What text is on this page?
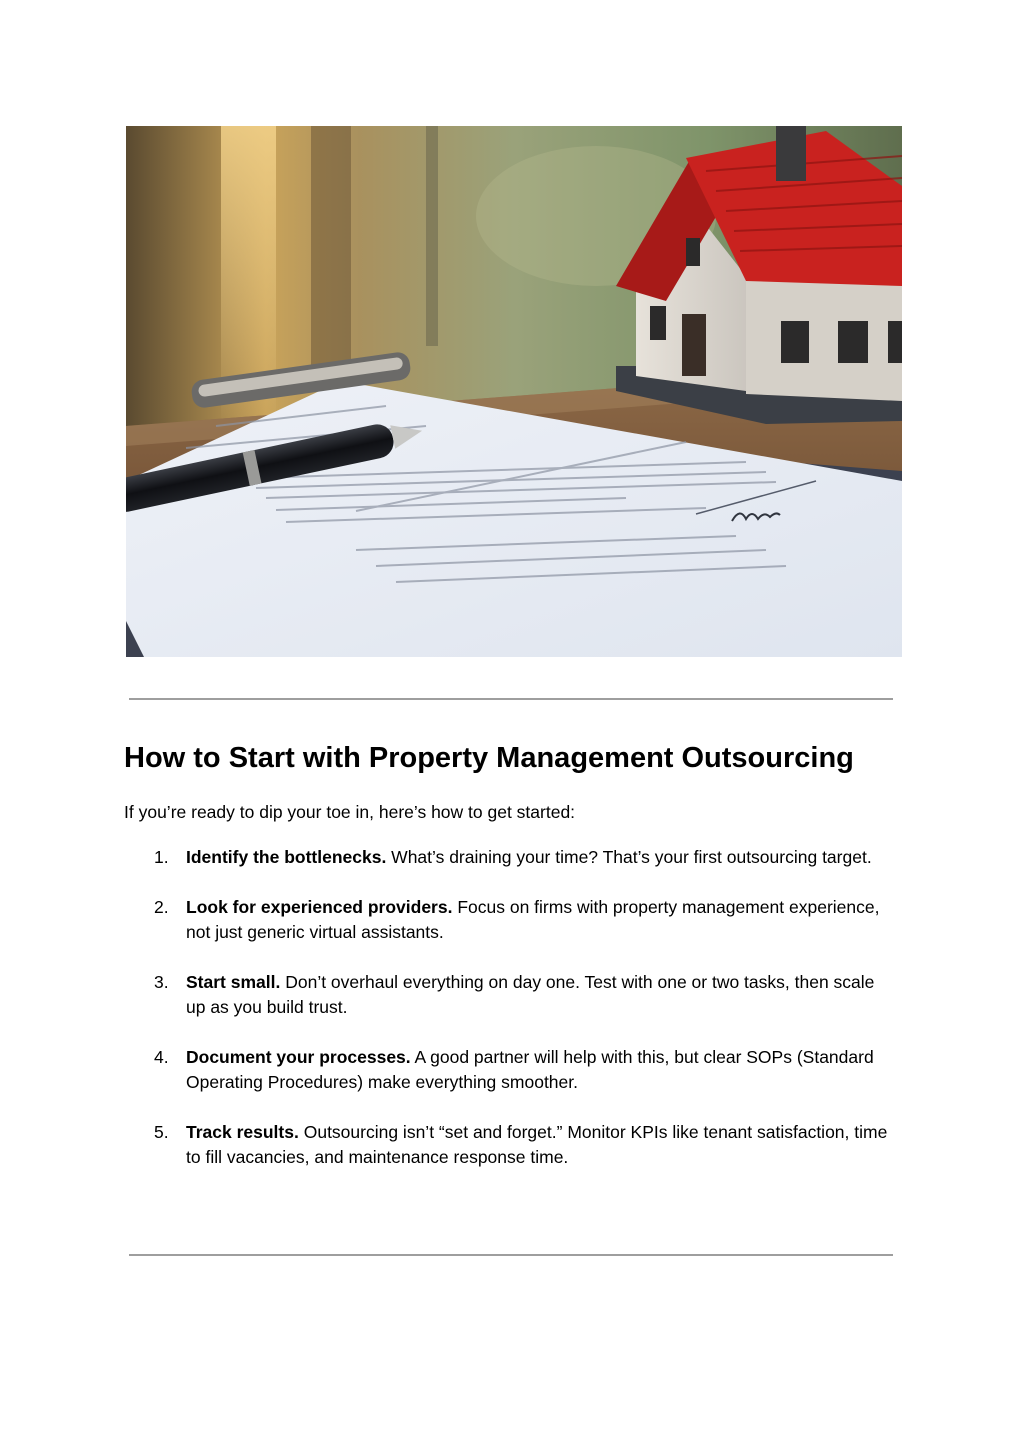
How to Start with Property Management Outsourcing

If you’re ready to dip your toe in, here’s how to get started:

1. Identify the bottlenecks. What’s draining your time? That’s your first outsourcing target.
2. Look for experienced providers. Focus on firms with property management experience, not just generic virtual assistants.
3. Start small. Don’t overhaul everything on day one. Test with one or two tasks, then scale up as you build trust.
4. Document your processes. A good partner will help with this, but clear SOPs (Standard Operating Procedures) make everything smoother.
5. Track results. Outsourcing isn’t “set and forget.” Monitor KPIs like tenant satisfaction, time to fill vacancies, and maintenance response time.
